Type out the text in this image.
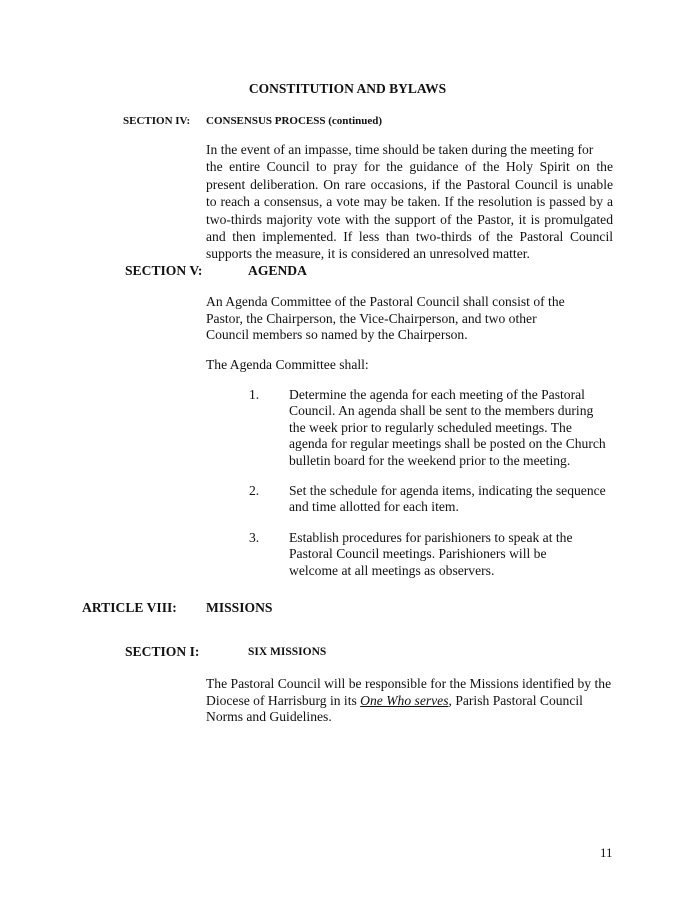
CONSTITUTION AND BYLAWS
SECTION IV: CONSENSUS PROCESS (continued)
In the event of an impasse, time should be taken during the meeting for
the entire Council to pray for the guidance of the Holy Spirit on the
present deliberation. On rare occasions, if the Pastoral Council is unable
to reach a consensus, a vote may be taken. If the resolution is passed by a
two-thirds majority vote with the support of the Pastor, it is promulgated
and then implemented. If less than two-thirds of the Pastoral Council
supports the measure, it is considered an unresolved matter.
SECTION V:	AGENDA
An Agenda Committee of the Pastoral Council shall consist of the
Pastor, the Chairperson, the Vice-Chairperson, and two other
Council members so named by the Chairperson.
The Agenda Committee shall:
1. Determine the agenda for each meeting of the Pastoral
Council. An agenda shall be sent to the members during
the week prior to regularly scheduled meetings. The
agenda for regular meetings shall be posted on the Church
bulletin board for the weekend prior to the meeting.
2. Set the schedule for agenda items, indicating the sequence
and time allotted for each item.
3. Establish procedures for parishioners to speak at the
Pastoral Council meetings. Parishioners will be
welcome at all meetings as observers.
ARTICLE VIII: MISSIONS
SECTION I:	SIX MISSIONS
The Pastoral Council will be responsible for the Missions identified by the
Diocese of Harrisburg in its One Who serves, Parish Pastoral Council
Norms and Guidelines.
11
